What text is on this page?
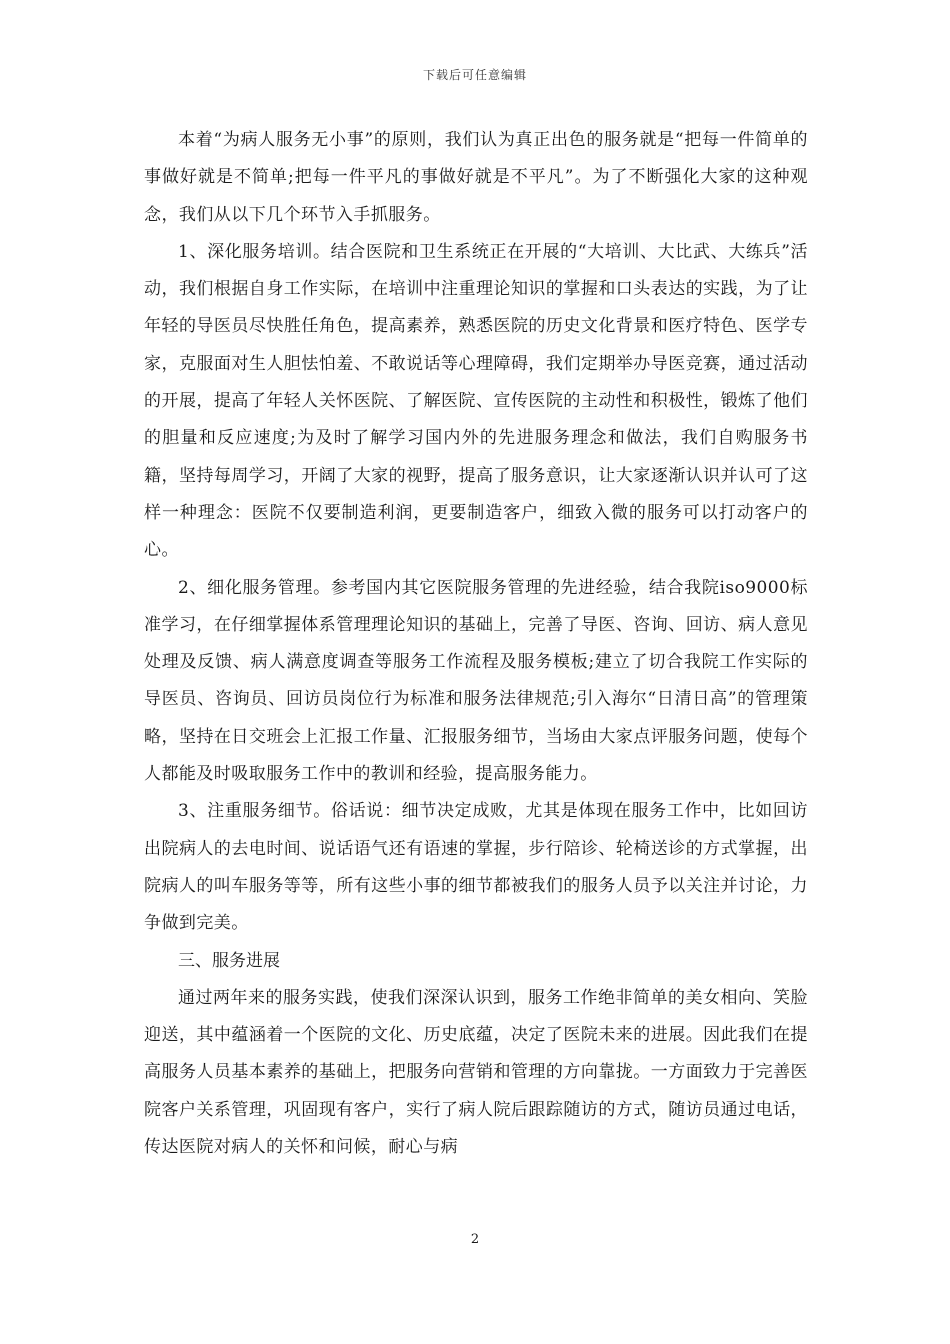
下载后可任意编辑

本着“为病人服务无小事”的原则，我们认为真正出色的服务就是“把每一件简单的事做好就是不简单;把每一件平凡的事做好就是不平凡”。为了不断强化大家的这种观念，我们从以下几个环节入手抓服务。

1、深化服务培训。结合医院和卫生系统正在开展的“大培训、大比武、大练兵”活动，我们根据自身工作实际，在培训中注重理论知识的掌握和口头表达的实践，为了让年轻的导医员尽快胜任角色，提高素养，熟悉医院的历史文化背景和医疗特色、医学专家，克服面对生人胆怯怕羞、不敢说话等心理障碍，我们定期举办导医竞赛，通过活动的开展，提高了年轻人关怀医院、了解医院、宣传医院的主动性和积极性，锻炼了他们的胆量和反应速度;为及时了解学习国内外的先进服务理念和做法，我们自购服务书籍，坚持每周学习，开阔了大家的视野，提高了服务意识，让大家逐渐认识并认可了这样一种理念：医院不仅要制造利润，更要制造客户，细致入微的服务可以打动客户的心。

2、细化服务管理。参考国内其它医院服务管理的先进经验，结合我院iso9000标准学习，在仔细掌握体系管理理论知识的基础上，完善了导医、咨询、回访、病人意见处理及反馈、病人满意度调查等服务工作流程及服务模板;建立了切合我院工作实际的导医员、咨询员、回访员岗位行为标准和服务法律规范;引入海尔“日清日高”的管理策略，坚持在日交班会上汇报工作量、汇报服务细节，当场由大家点评服务问题，使每个人都能及时吸取服务工作中的教训和经验，提高服务能力。

3、注重服务细节。俗话说：细节决定成败，尤其是体现在服务工作中，比如回访出院病人的去电时间、说话语气还有语速的掌握，步行陪诊、轮椅送诊的方式掌握，出院病人的叫车服务等等，所有这些小事的细节都被我们的服务人员予以关注并讨论，力争做到完美。

三、服务进展

通过两年来的服务实践，使我们深深认识到，服务工作绝非简单的美女相向、笑脸迎送，其中蕴涵着一个医院的文化、历史底蕴，决定了医院未来的进展。因此我们在提高服务人员基本素养的基础上，把服务向营销和管理的方向靠拢。一方面致力于完善医院客户关系管理，巩固现有客户，实行了病人院后跟踪随访的方式，随访员通过电话，传达医院对病人的关怀和问候，耐心与病

2
